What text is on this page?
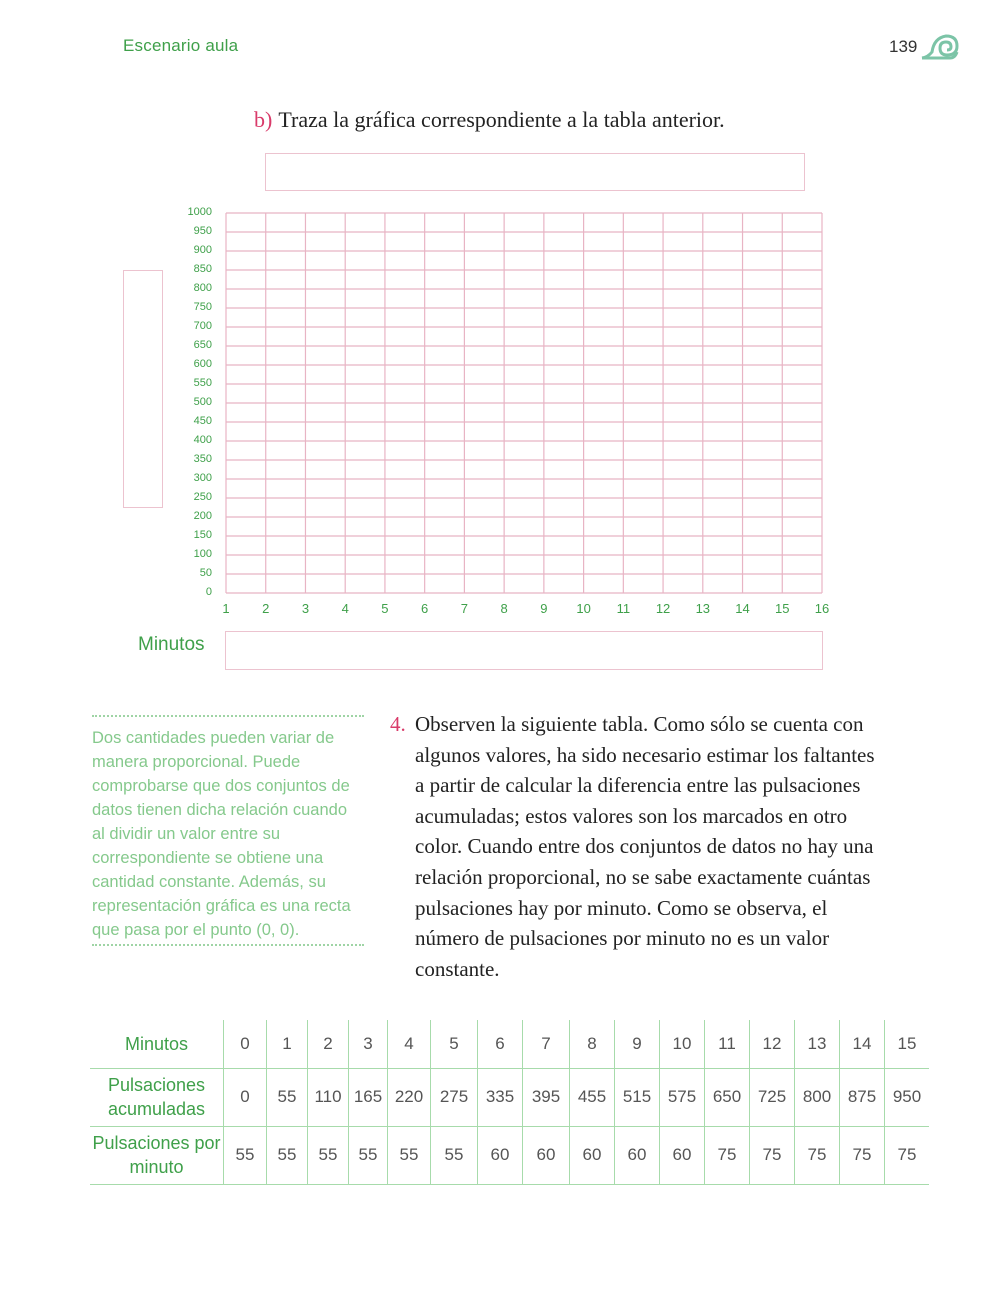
Escenario aula	139
b) Traza la gráfica correspondiente a la tabla anterior.
Minutos
Dos cantidades pueden variar de manera proporcional. Puede comprobarse que dos conjuntos de datos tienen dicha relación cuando al dividir un valor entre su correspondiente se obtiene una cantidad constante. Además, su representación gráfica es una recta que pasa por el punto (0, 0).
4. Observen la siguiente tabla. Como sólo se cuenta con algunos valores, ha sido necesario estimar los faltantes a partir de calcular la diferencia entre las pulsaciones acumuladas; estos valores son los marcados en otro color. Cuando entre dos conjuntos de datos no hay una relación proporcional, no se sabe exactamente cuántas pulsaciones hay por minuto. Como se observa, el número de pulsaciones por minuto no es un valor constante.
Minutos	0	1	2	3	4	5	6	7	8	9	10	11	12	13	14	15
Pulsaciones acumuladas	0	55	110	165	220	275	335	395	455	515	575	650	725	800	875	950
Pulsaciones por minuto	55	55	55	55	55	55	60	60	60	60	60	75	75	75	75	75
1000
950
900
850
800
750
700
650
600
550
500
450
400
350
300
250
200
150
100
50
0
1	2	3	4	5	6	7	8	9	10	11	12	13	14	15	16
